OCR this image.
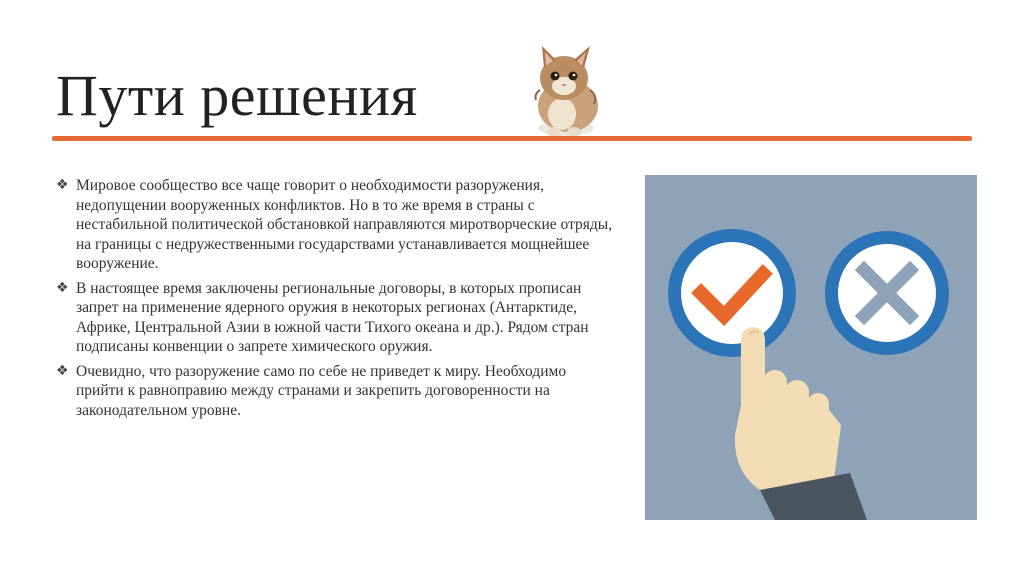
Пути решения
❖ Мировое сообщество все чаще говорит о необходимости разоружения, недопущении вооруженных конфликтов. Но в то же время в страны с нестабильной политической обстановкой направляются миротворческие отряды, на границы с недружественными государствами устанавливается мощнейшее вооружение.
❖ В настоящее время заключены региональные договоры, в которых прописан запрет на применение ядерного оружия в некоторых регионах (Антарктиде, Африке, Центральной Азии в южной части Тихого океана и др.). Рядом стран подписаны конвенции о запрете химического оружия.
❖ Очевидно, что разоружение само по себе не приведет к миру. Необходимо прийти к равноправию между странами и закрепить договоренности на законодательном уровне.
